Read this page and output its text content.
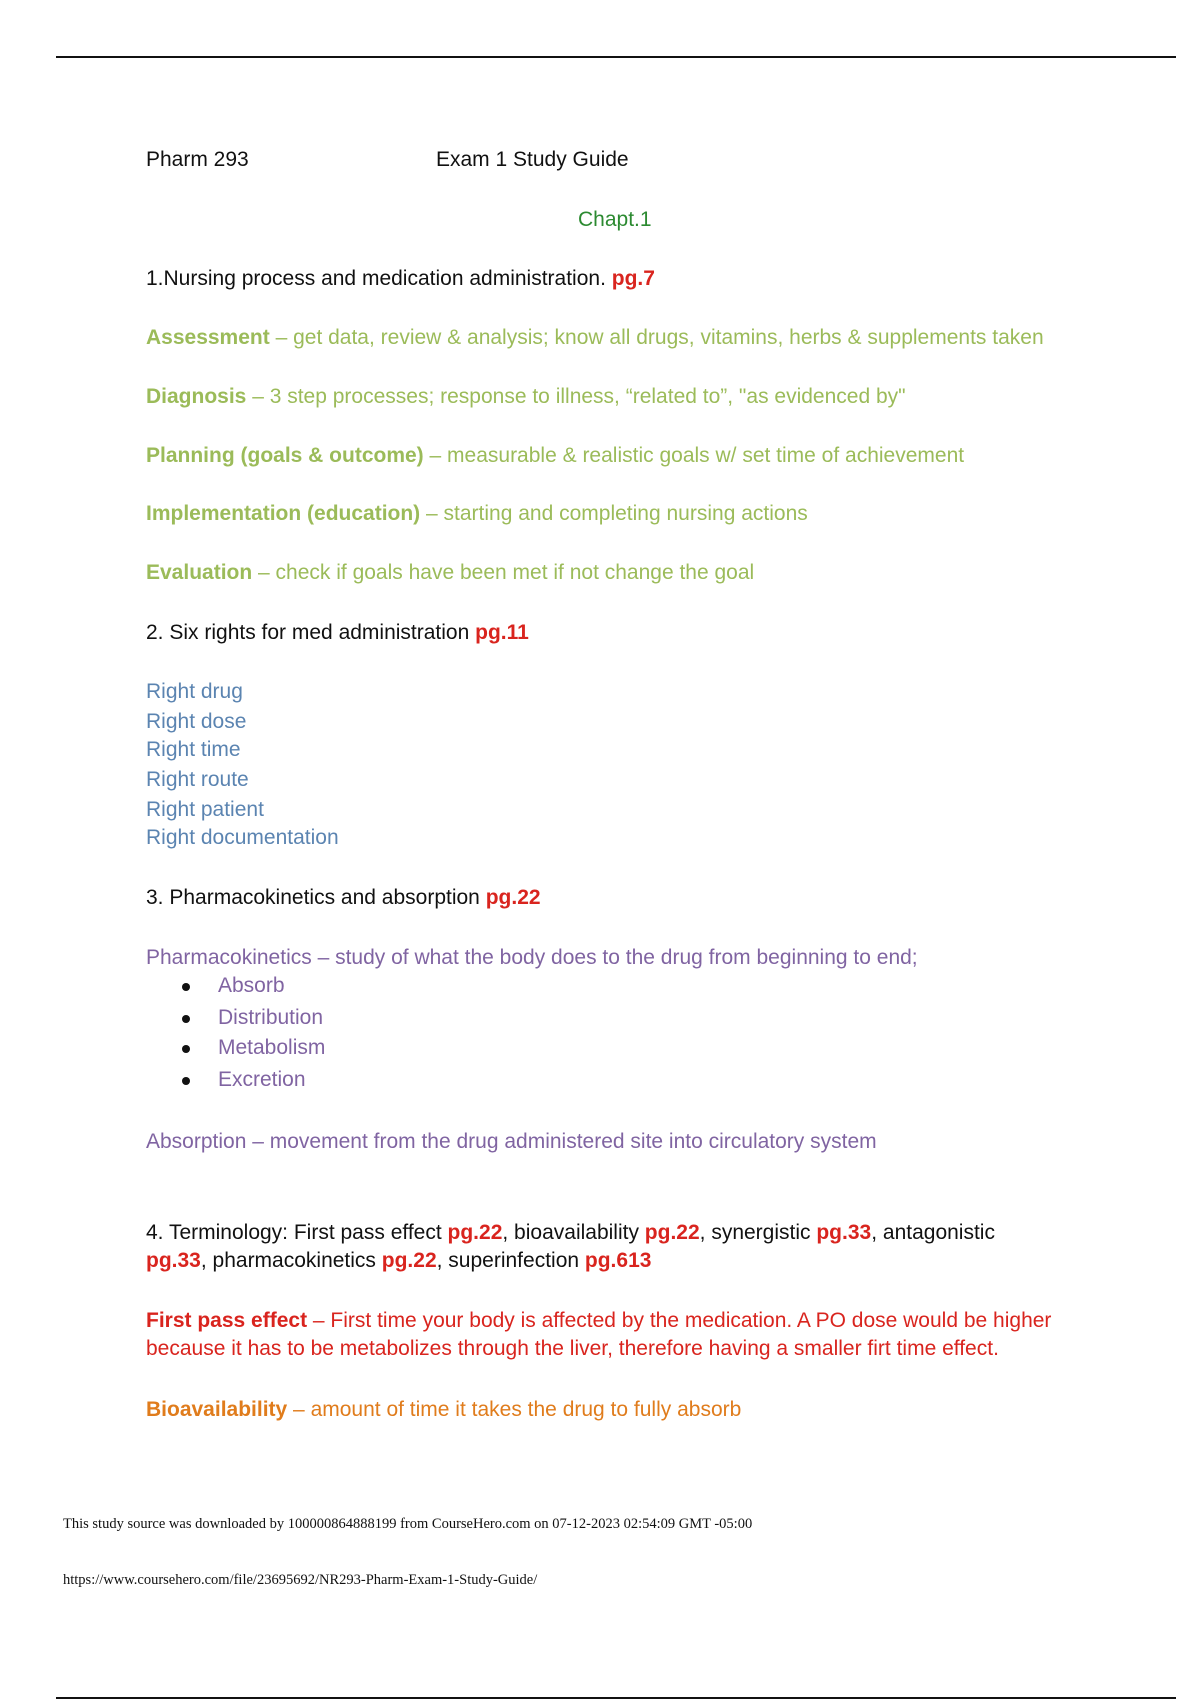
Pharm 293	Exam 1 Study Guide
Chapt.1
1.Nursing process and medication administration. pg.7
Assessment – get data, review & analysis; know all drugs, vitamins, herbs & supplements taken
Diagnosis – 3 step processes; response to illness, “related to”, "as evidenced by"
Planning (goals & outcome) – measurable & realistic goals w/ set time of achievement
Implementation (education) – starting and completing nursing actions
Evaluation – check if goals have been met if not change the goal
2. Six rights for med administration pg.11
Right drug
Right dose
Right time
Right route
Right patient
Right documentation
3. Pharmacokinetics and absorption pg.22
Pharmacokinetics – study of what the body does to the drug from beginning to end;
Absorb
Distribution
Metabolism
Excretion
Absorption – movement from the drug administered site into circulatory system
4. Terminology: First pass effect pg.22, bioavailability pg.22, synergistic pg.33, antagonistic
pg.33, pharmacokinetics pg.22, superinfection pg.613
First pass effect – First time your body is affected by the medication. A PO dose would be higher
because it has to be metabolizes through the liver, therefore having a smaller firt time effect.
Bioavailability – amount of time it takes the drug to fully absorb
This study source was downloaded by 100000864888199 from CourseHero.com on 07-12-2023 02:54:09 GMT -05:00
https://www.coursehero.com/file/23695692/NR293-Pharm-Exam-1-Study-Guide/
